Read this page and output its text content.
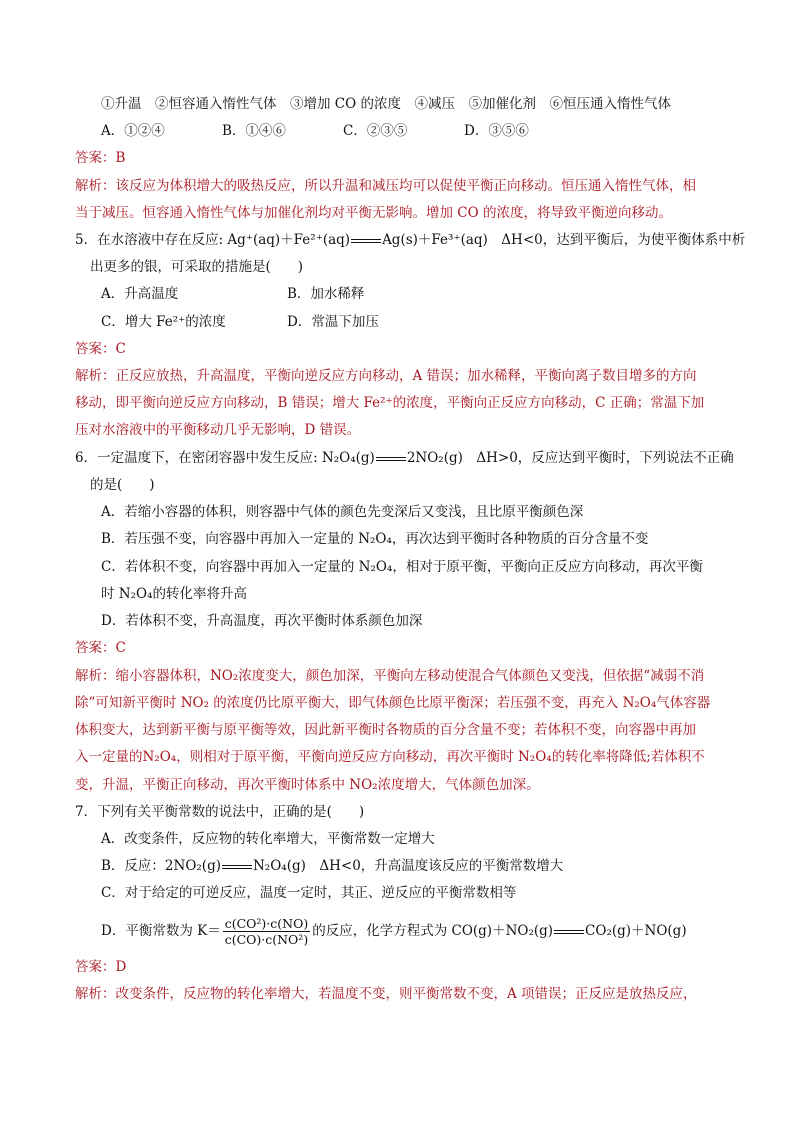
①升温　②恒容通入惰性气体　③增加 CO 的浓度　④减压　⑤加催化剂　⑥恒压通入惰性气体
A．①②④	B．①④⑥	C．②③⑤	D．③⑤⑥
答案：B
解析：该反应为体积增大的吸热反应，所以升温和减压均可以促使平衡正向移动。恒压通入惰性气体，相
当于减压。恒容通入惰性气体与加催化剂均对平衡无影响。增加 CO 的浓度，将导致平衡逆向移动。
5．在水溶液中存在反应: Ag⁺(aq)＋Fe²⁺(aq) Ag(s)＋Fe³⁺(aq)　ΔH<0，达到平衡后，为使平衡体系中析
出更多的银，可采取的措施是(　　)
A．升高温度	B．加水稀释
C．增大 Fe²⁺的浓度	D．常温下加压
答案：C
解析：正反应放热，升高温度，平衡向逆反应方向移动，A 错误；加水稀释，平衡向离子数目增多的方向
移动，即平衡向逆反应方向移动，B 错误；增大 Fe²⁺的浓度，平衡向正反应方向移动，C 正确；常温下加
压对水溶液中的平衡移动几乎无影响，D 错误。
6．一定温度下，在密闭容器中发生反应: N₂O₄(g) 2NO₂(g)　ΔH>0，反应达到平衡时，下列说法不正确
的是(　　)
A．若缩小容器的体积，则容器中气体的颜色先变深后又变浅，且比原平衡颜色深
B．若压强不变，向容器中再加入一定量的 N₂O₄，再次达到平衡时各种物质的百分含量不变
C．若体积不变，向容器中再加入一定量的 N₂O₄，相对于原平衡，平衡向正反应方向移动，再次平衡
时 N₂O₄的转化率将升高
D．若体积不变，升高温度，再次平衡时体系颜色加深
答案：C
解析：缩小容器体积，NO₂浓度变大，颜色加深，平衡向左移动使混合气体颜色又变浅，但依据“减弱不消
除”可知新平衡时 NO₂ 的浓度仍比原平衡大，即气体颜色比原平衡深；若压强不变，再充入 N₂O₄气体容器
体积变大，达到新平衡与原平衡等效，因此新平衡时各物质的百分含量不变；若体积不变，向容器中再加
入一定量的N₂O₄，则相对于原平衡，平衡向逆反应方向移动，再次平衡时 N₂O₄的转化率将降低;若体积不
变，升温，平衡正向移动，再次平衡时体系中 NO₂浓度增大，气体颜色加深。
7．下列有关平衡常数的说法中，正确的是(　　)
A．改变条件，反应物的转化率增大，平衡常数一定增大
B．反应：2NO₂(g) N₂O₄(g)　ΔH<0，升高温度该反应的平衡常数增大
C．对于给定的可逆反应，温度一定时，其正、逆反应的平衡常数相等
D．平衡常数为 $K= \frac{\text{c(CO²)·c(NO)}}{\text{c(CO)·c(NO²)}}$ 的反应，化学方程式为 CO(g)＋NO₂(g) CO₂(g)＋NO(g)
答案：D
解析：改变条件，反应物的转化率增大，若温度不变，则平衡常数不变，A 项错误；正反应是放热反应，
